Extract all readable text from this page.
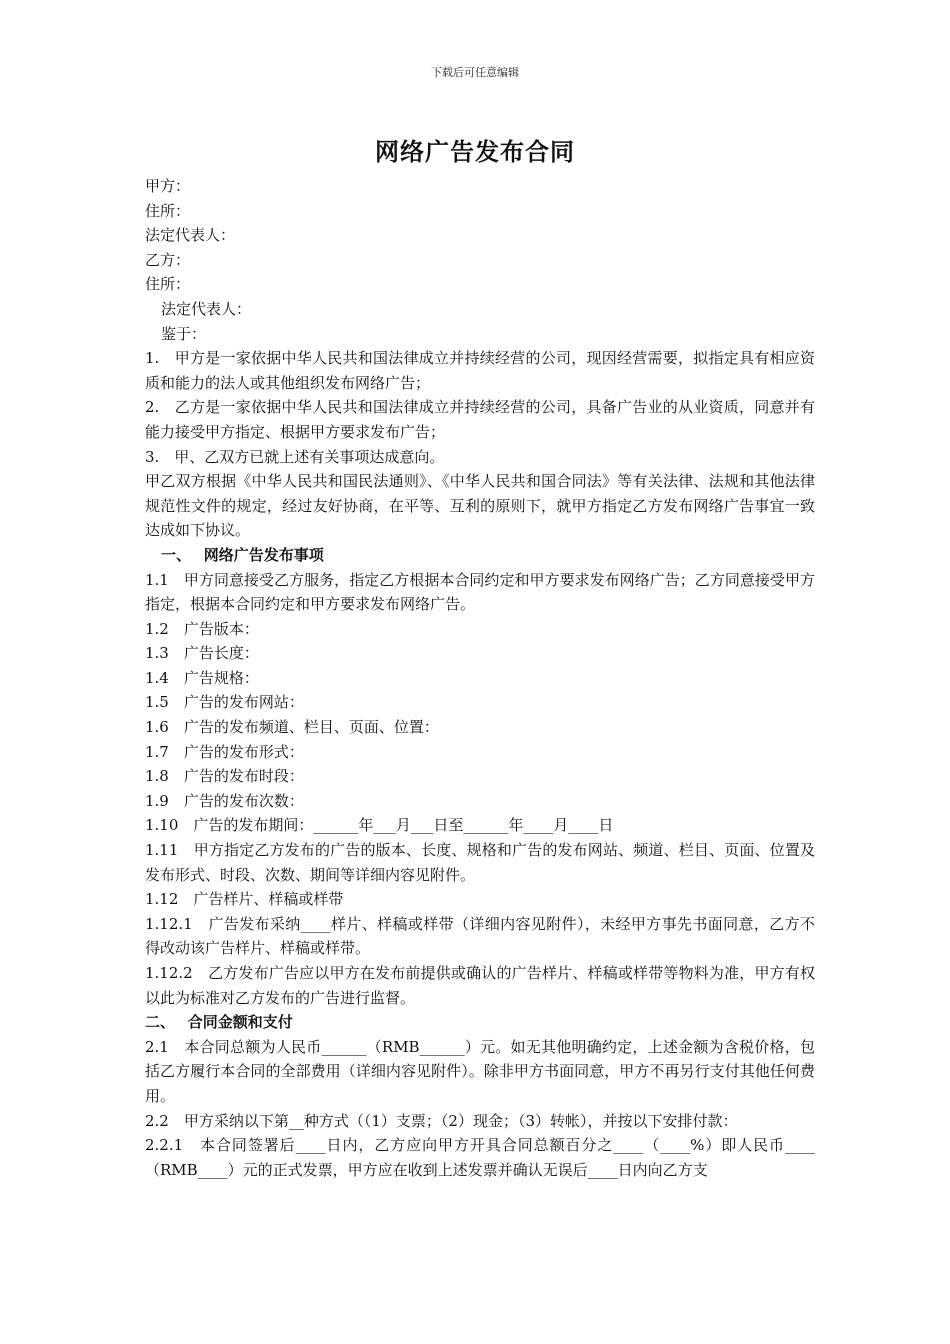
下载后可任意编辑
网络广告发布合同
甲方：
住所：
法定代表人：
乙方：
住所：
法定代表人：
鉴于：
1.　甲方是一家依据中华人民共和国法律成立并持续经营的公司，现因经营需要，拟指定具有相应资质和能力的法人或其他组织发布网络广告；
2.　乙方是一家依据中华人民共和国法律成立并持续经营的公司，具备广告业的从业资质，同意并有能力接受甲方指定、根据甲方要求发布广告；
3.　甲、乙双方已就上述有关事项达成意向。
甲乙双方根据《中华人民共和国民法通则》、《中华人民共和国合同法》等有关法律、法规和其他法律规范性文件的规定，经过友好协商，在平等、互利的原则下，就甲方指定乙方发布网络广告事宜一致达成如下协议。
一、　 网络广告发布事项
1.1　甲方同意接受乙方服务，指定乙方根据本合同约定和甲方要求发布网络广告；乙方同意接受甲方指定，根据本合同约定和甲方要求发布网络广告。
1.2　广告版本：
1.3　广告长度：
1.4　广告规格：
1.5　广告的发布网站：
1.6　广告的发布频道、栏目、页面、位置：
1.7　广告的发布形式：
1.8　广告的发布时段：
1.9　广告的发布次数：
1.10　广告的发布期间：______年___月___日至______年____月____日
1.11　甲方指定乙方发布的广告的版本、长度、规格和广告的发布网站、频道、栏目、页面、位置及发布形式、时段、次数、期间等详细内容见附件。
1.12　广告样片、样稿或样带
1.12.1　广告发布采纳____样片、样稿或样带（详细内容见附件），未经甲方事先书面同意，乙方不得改动该广告样片、样稿或样带。
1.12.2　乙方发布广告应以甲方在发布前提供或确认的广告样片、样稿或样带等物料为准，甲方有权以此为标准对乙方发布的广告进行监督。
二、　 合同金额和支付
2.1　本合同总额为人民币______（RMB______）元。如无其他明确约定，上述金额为含税价格，包括乙方履行本合同的全部费用（详细内容见附件）。除非甲方书面同意，甲方不再另行支付其他任何费用。
2.2　甲方采纳以下第__种方式（（1）支票；（2）现金；（3）转帐），并按以下安排付款：
2.2.1　本合同签署后____日内，乙方应向甲方开具合同总额百分之____（____%）即人民币____（RMB____）元的正式发票，甲方应在收到上述发票并确认无误后____日内向乙方支
